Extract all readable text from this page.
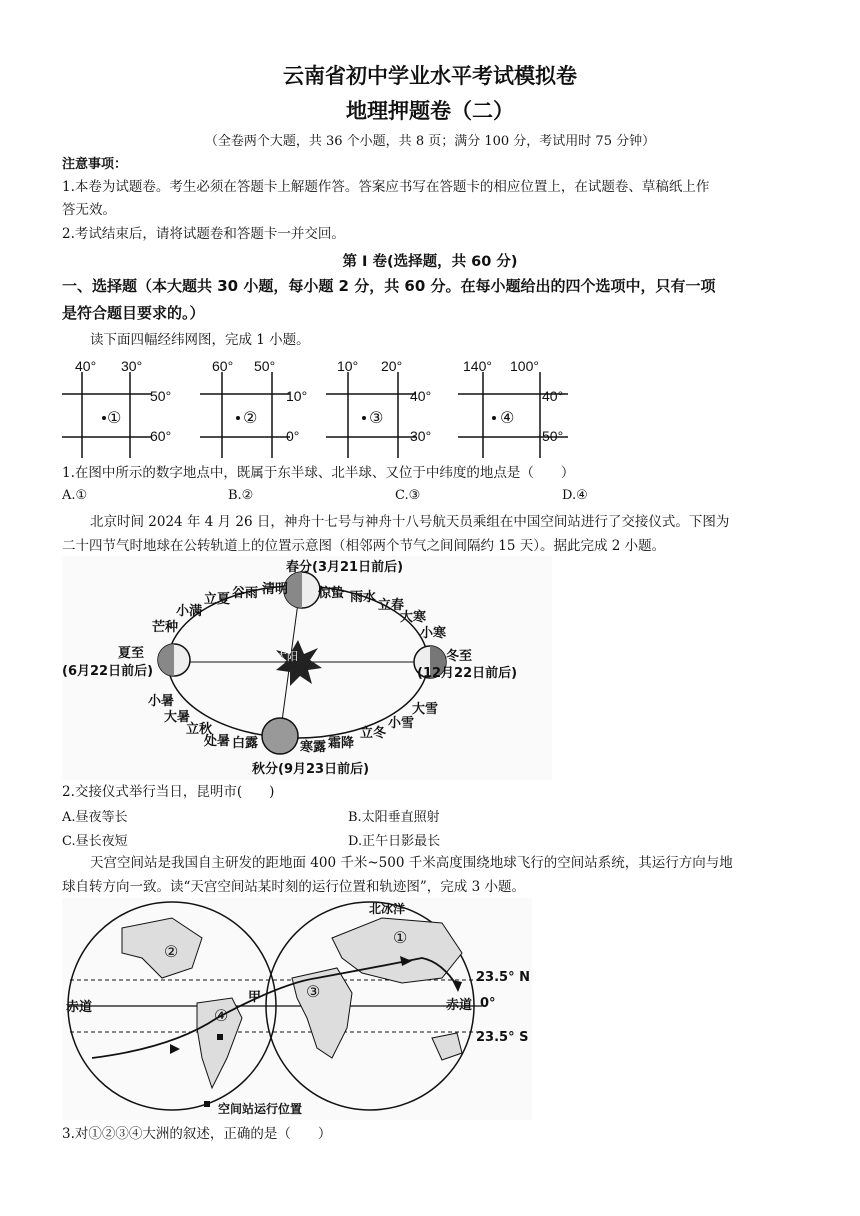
云南省初中学业水平考试模拟卷
地理押题卷（二）
（全卷两个大题，共 36 个小题，共 8 页；满分 100 分，考试用时 75 分钟）
注意事项：
1.本卷为试题卷。考生必须在答题卡上解题作答。答案应书写在答题卡的相应位置上，在试题卷、草稿纸上作
答无效。
2.考试结束后，请将试题卷和答题卡一并交回。
第 I 卷(选择题，共 60 分)
一、选择题（本大题共 30 小题，每小题 2 分，共 60 分。在每小题给出的四个选项中，只有一项
是符合题目要求的。）
读下面四幅经纬网图，完成 1 小题。
40° 30°
50°
60°
①
60° 50°
10°
0°
②
10° 20°
40°
30°
③
140° 100°
40°
50°
④
1.在图中所示的数字地点中，既属于东半球、北半球、又位于中纬度的地点是（　　）
A.①	B.②	C.③	D.④
北京时间 2024 年 4 月 26 日，神舟十七号与神舟十八号航天员乘组在中国空间站进行了交接仪式。下图为
二十四节气时地球在公转轨道上的位置示意图（相邻两个节气之间间隔约 15 天）。据此完成 2 小题。
太阳
春分(3月21日前后)
夏至
(6月22日前后)
冬至
(12月22日前后)
秋分(9月23日前后)
清明
谷雨
立夏
小满
芒种
惊蛰 雨水
立春
大寒
小寒
小暑
大暑
立秋
处暑 白露	寒露 霜降
立冬
小雪
大雪
2.交接仪式举行当日，昆明市(　　)
A.昼夜等长	B.太阳垂直照射
C.昼长夜短	D.正午日影最长
天宫空间站是我国自主研发的距地面 400 千米~500 千米高度围绕地球飞行的空间站系统，其运行方向与地
球自转方向一致。读“天宫空间站某时刻的运行位置和轨迹图”，完成 3 小题。
北冰洋
赤道	赤道
甲
23.5° N
0°
23.5° S
①
②
③
④
空间站运行位置
3.对①②③④大洲的叙述，正确的是（　　）
